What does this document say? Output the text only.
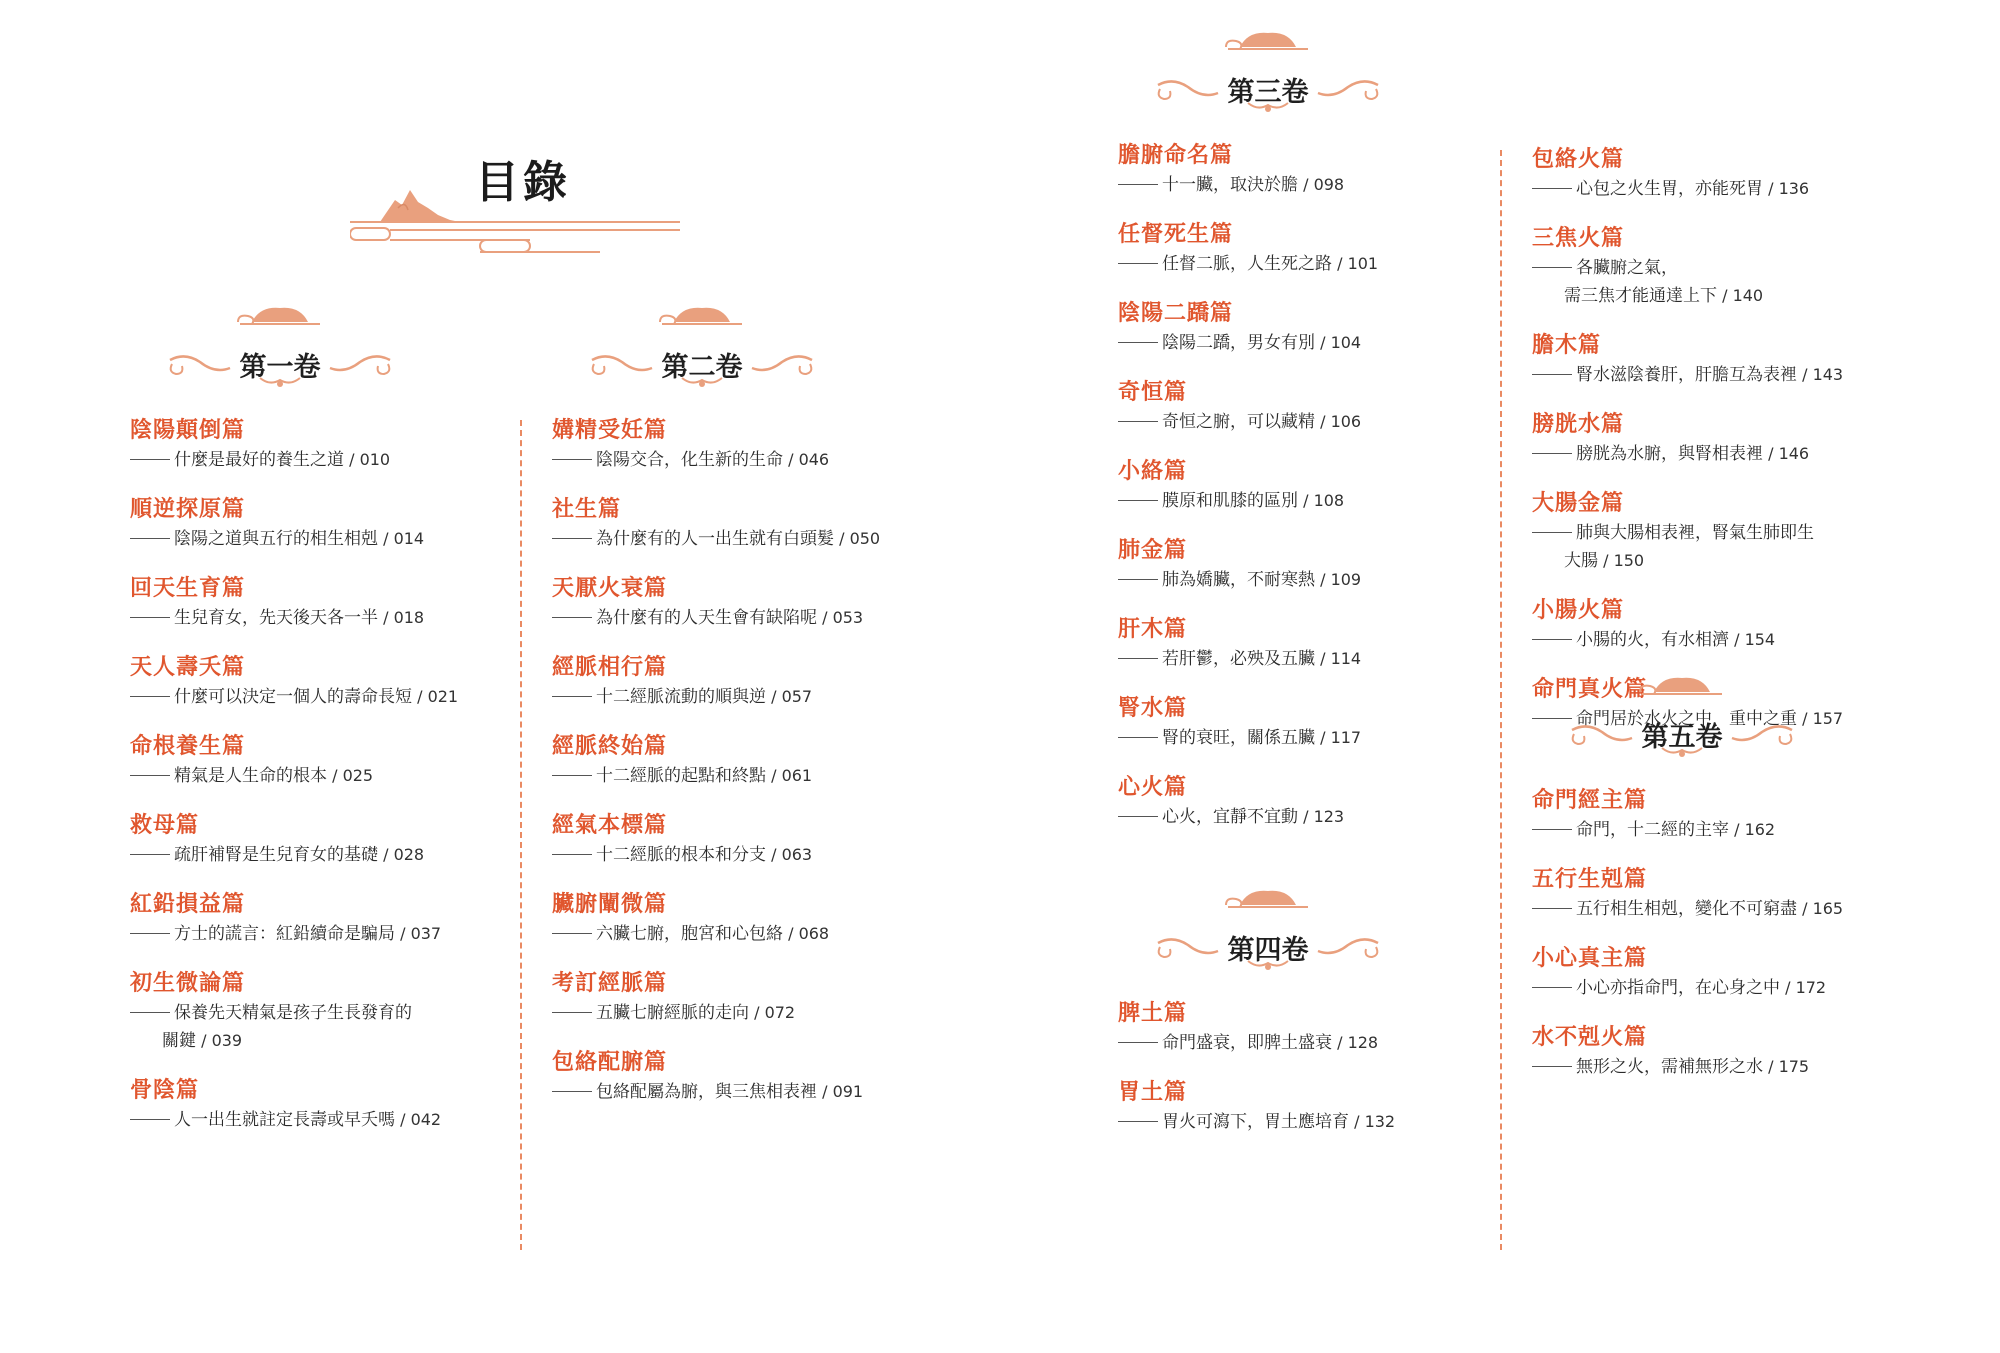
目錄
第一卷
陰陽顛倒篇
什麼是最好的養生之道 / 010
順逆探原篇
陰陽之道與五行的相生相剋 / 014
回天生育篇
生兒育女，先天後天各一半 / 018
天人壽夭篇
什麼可以決定一個人的壽命長短 / 021
命根養生篇
精氣是人生命的根本 / 025
救母篇
疏肝補腎是生兒育女的基礎 / 028
紅鉛損益篇
方士的謊言：紅鉛續命是騙局 / 037
初生微論篇
保養先天精氣是孩子生長發育的
關鍵 / 039
骨陰篇
人一出生就註定長壽或早夭嗎 / 042
第二卷
媾精受妊篇
陰陽交合，化生新的生命 / 046
社生篇
為什麼有的人一出生就有白頭髮 / 050
天厭火衰篇
為什麼有的人天生會有缺陷呢 / 053
經脈相行篇
十二經脈流動的順與逆 / 057
經脈終始篇
十二經脈的起點和終點 / 061
經氣本標篇
十二經脈的根本和分支 / 063
臟腑闡微篇
六臟七腑，胞宮和心包絡 / 068
考訂經脈篇
五臟七腑經脈的走向 / 072
包絡配腑篇
包絡配屬為腑，與三焦相表裡 / 091
第三卷
膽腑命名篇
十一臟，取決於膽 / 098
任督死生篇
任督二脈，人生死之路 / 101
陰陽二蹻篇
陰陽二蹻，男女有別 / 104
奇恒篇
奇恒之腑，可以藏精 / 106
小絡篇
膜原和肌膝的區別 / 108
肺金篇
肺為嬌臟，不耐寒熱 / 109
肝木篇
若肝鬱，必殃及五臟 / 114
腎水篇
腎的衰旺，關係五臟 / 117
心火篇
心火，宜靜不宜動 / 123
第四卷
脾土篇
命門盛衰，即脾土盛衰 / 128
胃土篇
胃火可瀉下，胃土應培育 / 132
包絡火篇
心包之火生胃，亦能死胃 / 136
三焦火篇
各臟腑之氣，
需三焦才能通達上下 / 140
膽木篇
腎水滋陰養肝，肝膽互為表裡 / 143
膀胱水篇
膀胱為水腑，與腎相表裡 / 146
大腸金篇
肺與大腸相表裡，腎氣生肺即生
大腸 / 150
小腸火篇
小腸的火，有水相濟 / 154
命門真火篇
命門居於水火之中，重中之重 / 157
第五卷
命門經主篇
命門，十二經的主宰 / 162
五行生剋篇
五行相生相剋，變化不可窮盡 / 165
小心真主篇
小心亦指命門，在心身之中 / 172
水不剋火篇
無形之火，需補無形之水 / 175
